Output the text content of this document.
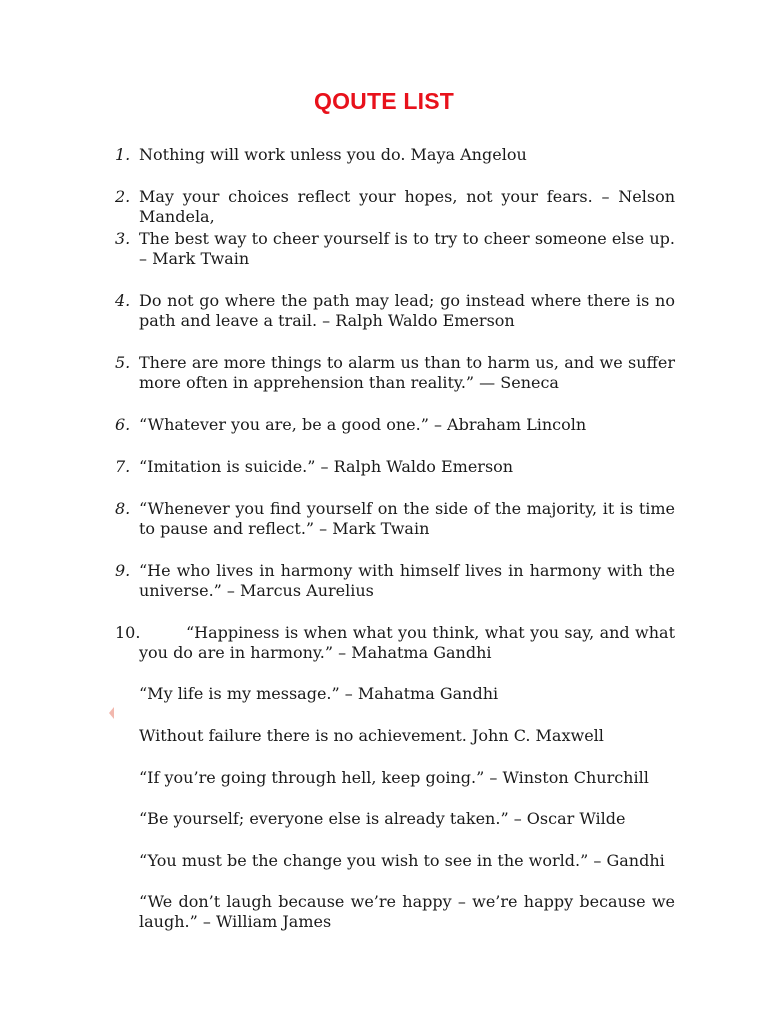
QOUTE LIST
1. Nothing will work unless you do. Maya Angelou
2. May your choices reflect your hopes, not your fears. – Nelson Mandela,
3. The best way to cheer yourself is to try to cheer someone else up. – Mark Twain
4. Do not go where the path may lead; go instead where there is no path and leave a trail. – Ralph Waldo Emerson
5. There are more things to alarm us than to harm us, and we suffer more often in apprehension than reality.” — Seneca
6. “Whatever you are, be a good one.” – Abraham Lincoln
7. “Imitation is suicide.” – Ralph Waldo Emerson
8. “Whenever you find yourself on the side of the majority, it is time to pause and reflect.” – Mark Twain
9. “He who lives in harmony with himself lives in harmony with the universe.” – Marcus Aurelius
10.	“Happiness is when what you think, what you say, and what you do are in harmony.” – Mahatma Gandhi
“My life is my message.” – Mahatma Gandhi
Without failure there is no achievement. John C. Maxwell
“If you’re going through hell, keep going.” – Winston Churchill
“Be yourself; everyone else is already taken.” – Oscar Wilde
“You must be the change you wish to see in the world.” – Gandhi
“We don’t laugh because we’re happy – we’re happy because we laugh.” – William James
